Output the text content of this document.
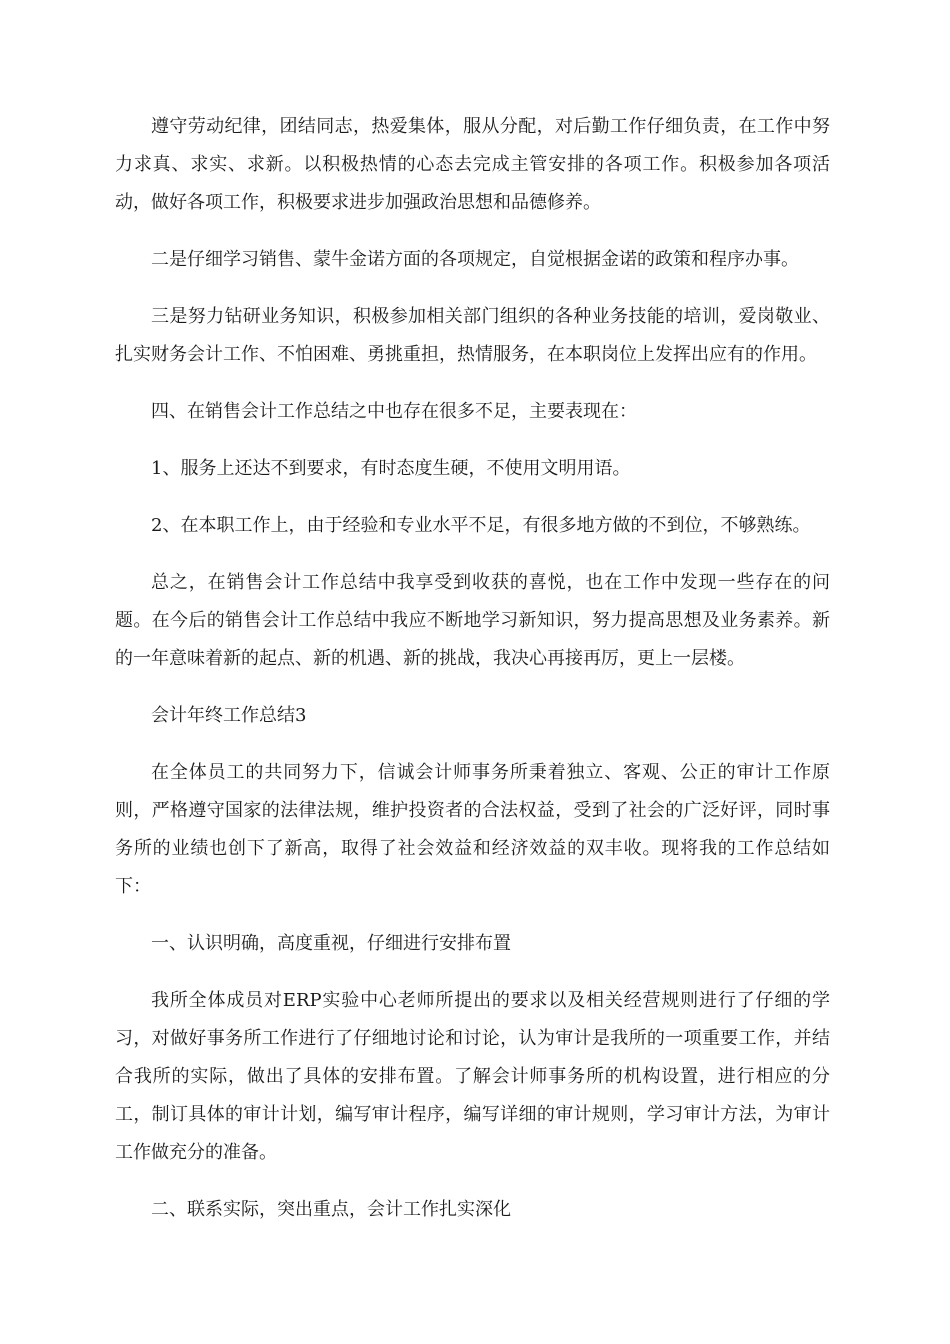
遵守劳动纪律，团结同志，热爱集体，服从分配，对后勤工作仔细负责，在工作中努力求真、求实、求新。以积极热情的心态去完成主管安排的各项工作。积极参加各项活动，做好各项工作，积极要求进步加强政治思想和品德修养。

二是仔细学习销售、蒙牛金诺方面的各项规定，自觉根据金诺的政策和程序办事。

三是努力钻研业务知识，积极参加相关部门组织的各种业务技能的培训，爱岗敬业、扎实财务会计工作、不怕困难、勇挑重担，热情服务，在本职岗位上发挥出应有的作用。

四、在销售会计工作总结之中也存在很多不足，主要表现在：

1、服务上还达不到要求，有时态度生硬，不使用文明用语。

2、在本职工作上，由于经验和专业水平不足，有很多地方做的不到位，不够熟练。

总之，在销售会计工作总结中我享受到收获的喜悦，也在工作中发现一些存在的问题。在今后的销售会计工作总结中我应不断地学习新知识，努力提高思想及业务素养。新的一年意味着新的起点、新的机遇、新的挑战，我决心再接再厉，更上一层楼。

会计年终工作总结3

在全体员工的共同努力下，信诚会计师事务所秉着独立、客观、公正的审计工作原则，严格遵守国家的法律法规，维护投资者的合法权益，受到了社会的广泛好评，同时事务所的业绩也创下了新高，取得了社会效益和经济效益的双丰收。现将我的工作总结如下：

一、认识明确，高度重视，仔细进行安排布置

我所全体成员对ERP实验中心老师所提出的要求以及相关经营规则进行了仔细的学习，对做好事务所工作进行了仔细地讨论和讨论，认为审计是我所的一项重要工作，并结合我所的实际，做出了具体的安排布置。了解会计师事务所的机构设置，进行相应的分工，制订具体的审计计划，编写审计程序，编写详细的审计规则，学习审计方法，为审计工作做充分的准备。

二、联系实际，突出重点，会计工作扎实深化
